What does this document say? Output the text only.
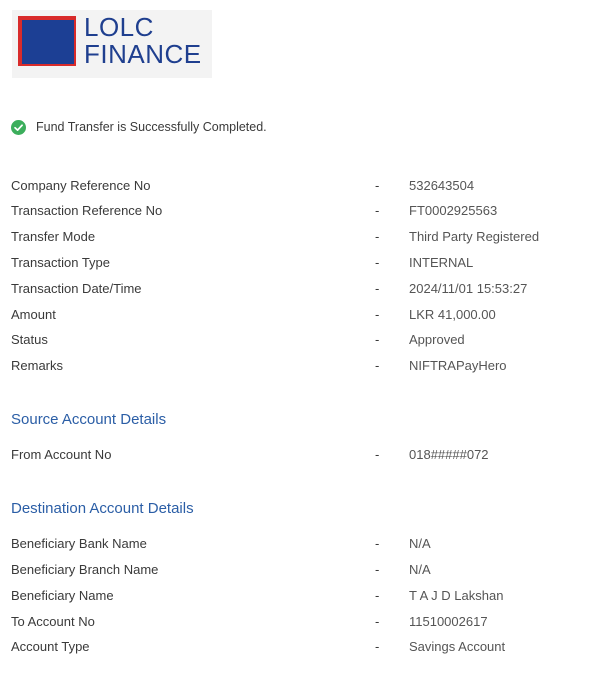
LOLC
FINANCE
Fund Transfer is Successfully Completed.
Company Reference No	- 532643504
Transaction Reference No	- FT0002925563
Transfer Mode	- Third Party Registered
Transaction Type	- INTERNAL
Transaction Date/Time	- 2024/11/01 15:53:27
Amount	- LKR 41,000.00
Status	- Approved
Remarks	- NIFTRAPayHero
Source Account Details
From Account No	- 018#####072
Destination Account Details
Beneficiary Bank Name	- N/A
Beneficiary Branch Name	- N/A
Beneficiary Name	- T A J D Lakshan
To Account No	- 11510002617
Account Type	- Savings Account
